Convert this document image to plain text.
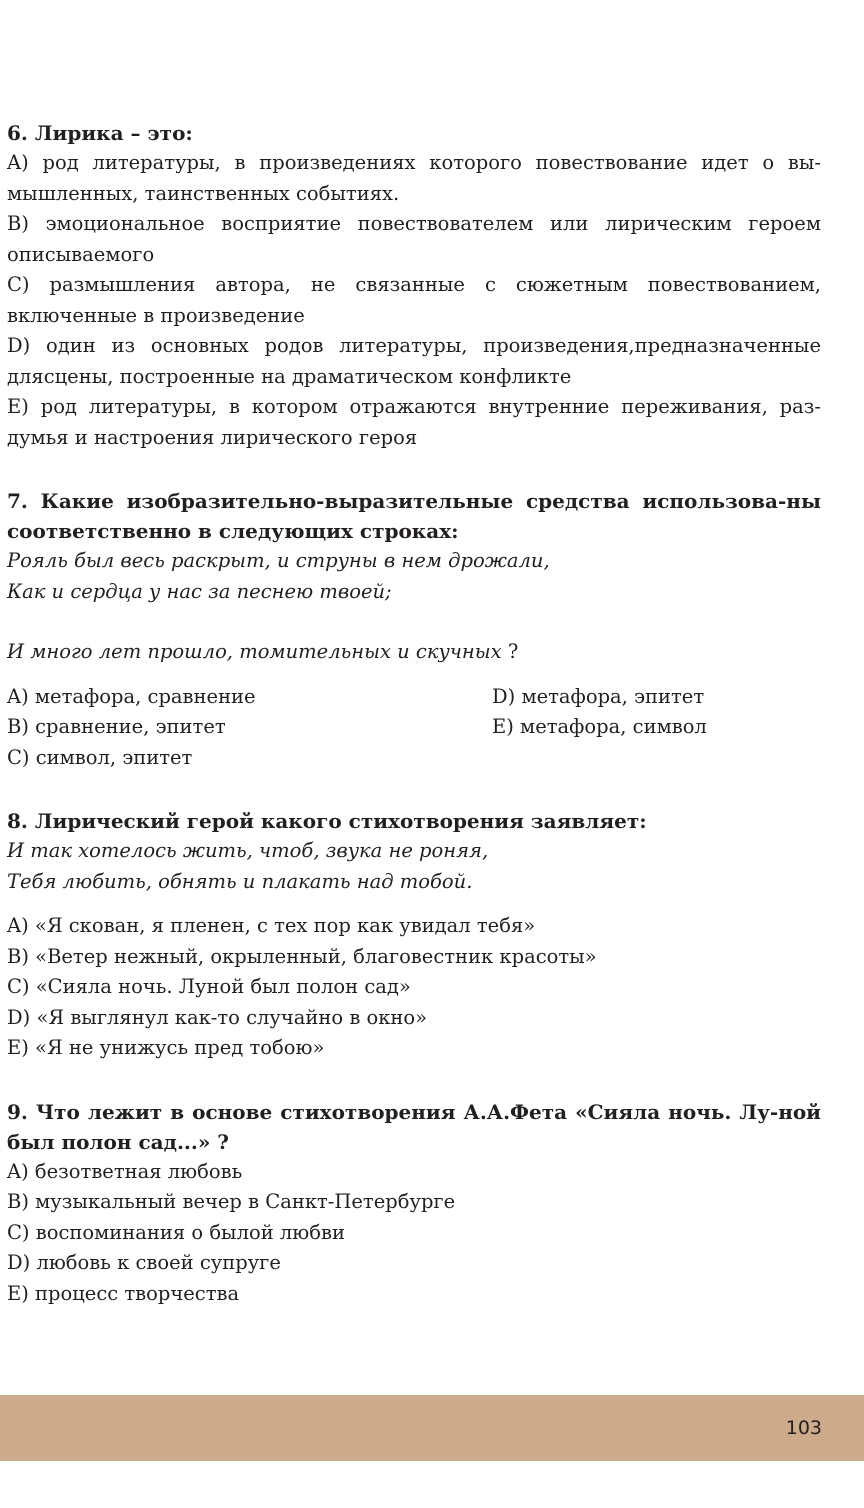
6. Лирика – это:

A) род литературы, в произведениях которого повествование идет о вы-мышленных, таинственных событиях.

B) эмоциональное восприятие повествователем или лирическим героем описываемого

C) размышления автора, не связанные с сюжетным повествованием, включенные в произведение

D) один из основных родов литературы, произведения,предназначенные длясцены, построенные на драматическом конфликте

E) род литературы, в котором отражаются внутренние переживания, раз-думья и настроения лирического героя

7. Какие изобразительно-выразительные средства использова-ны соответственно в следующих строках:

Рояль был весь раскрыт, и струны в нем дрожали,

Как и сердца у нас за песнею твоей;

И много лет прошло, томительных и скучных ?

A) метафора, сравнение	D) метафора, эпитет

B) сравнение, эпитет	E) метафора, символ

C) символ, эпитет

8. Лирический герой какого стихотворения заявляет:

И так хотелось жить, чтоб, звука не роняя,

Тебя любить, обнять и плакать над тобой.

A) «Я скован, я пленен, с тех пор как увидал тебя»

B) «Ветер нежный, окрыленный, благовестник красоты»

C) «Сияла ночь. Луной был полон сад»

D) «Я выглянул как-то случайно в окно»

E) «Я не унижусь пред тобою»

9. Что лежит в основе стихотворения А.А.Фета «Сияла ночь. Лу-ной был полон сад...» ?

A) безответная любовь

B) музыкальный вечер в Санкт-Петербурге

C) воспоминания о былой любви

D) любовь к своей супруге

E) процесс творчества

103
